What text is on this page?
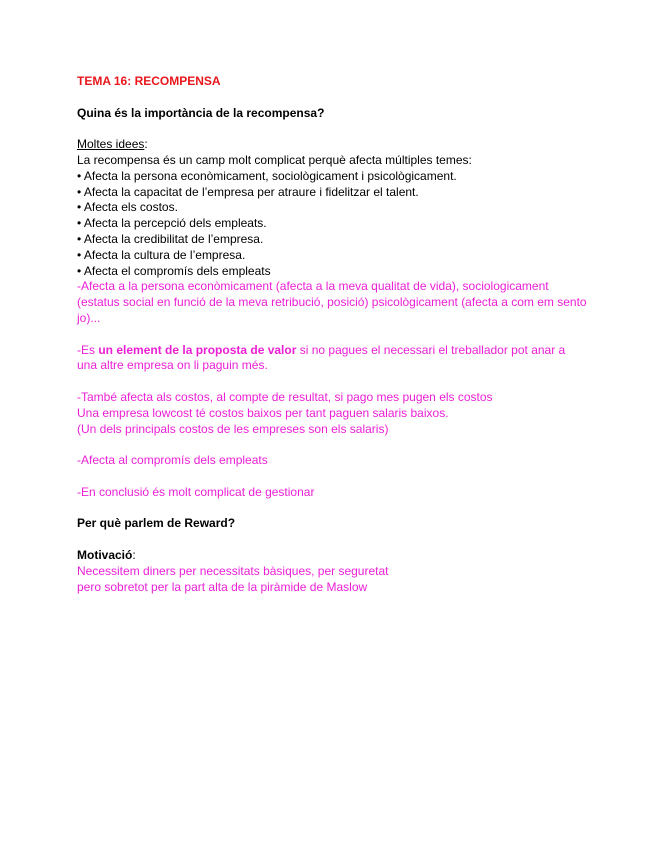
TEMA 16: RECOMPENSA
Quina és la importància de la recompensa?
Moltes idees:
La recompensa és un camp molt complicat perquè afecta múltiples temes:
• Afecta la persona econòmicament, sociològicament i psicològicament.
• Afecta la capacitat de l’empresa per atraure i fidelitzar el talent.
• Afecta els costos.
• Afecta la percepció dels empleats.
• Afecta la credibilitat de l’empresa.
• Afecta la cultura de l’empresa.
• Afecta el compromís dels empleats
-Afecta a la persona econòmicament (afecta a la meva qualitat de vida), sociologicament
(estatus social en funció de la meva retribució, posició) psicològicament (afecta a com em sento
jo)...
-Es un element de la proposta de valor si no pagues el necessari el treballador pot anar a
una altre empresa on li paguin més.
-També afecta als costos, al compte de resultat, si pago mes pugen els costos
Una empresa lowcost té costos baixos per tant paguen salaris baixos.
(Un dels principals costos de les empreses son els salaris)
-Afecta al compromís dels empleats
-En conclusió és molt complicat de gestionar
Per què parlem de Reward?
Motivació:
Necessitem diners per necessitats bàsiques, per seguretat
pero sobretot per la part alta de la piràmide de Maslow
